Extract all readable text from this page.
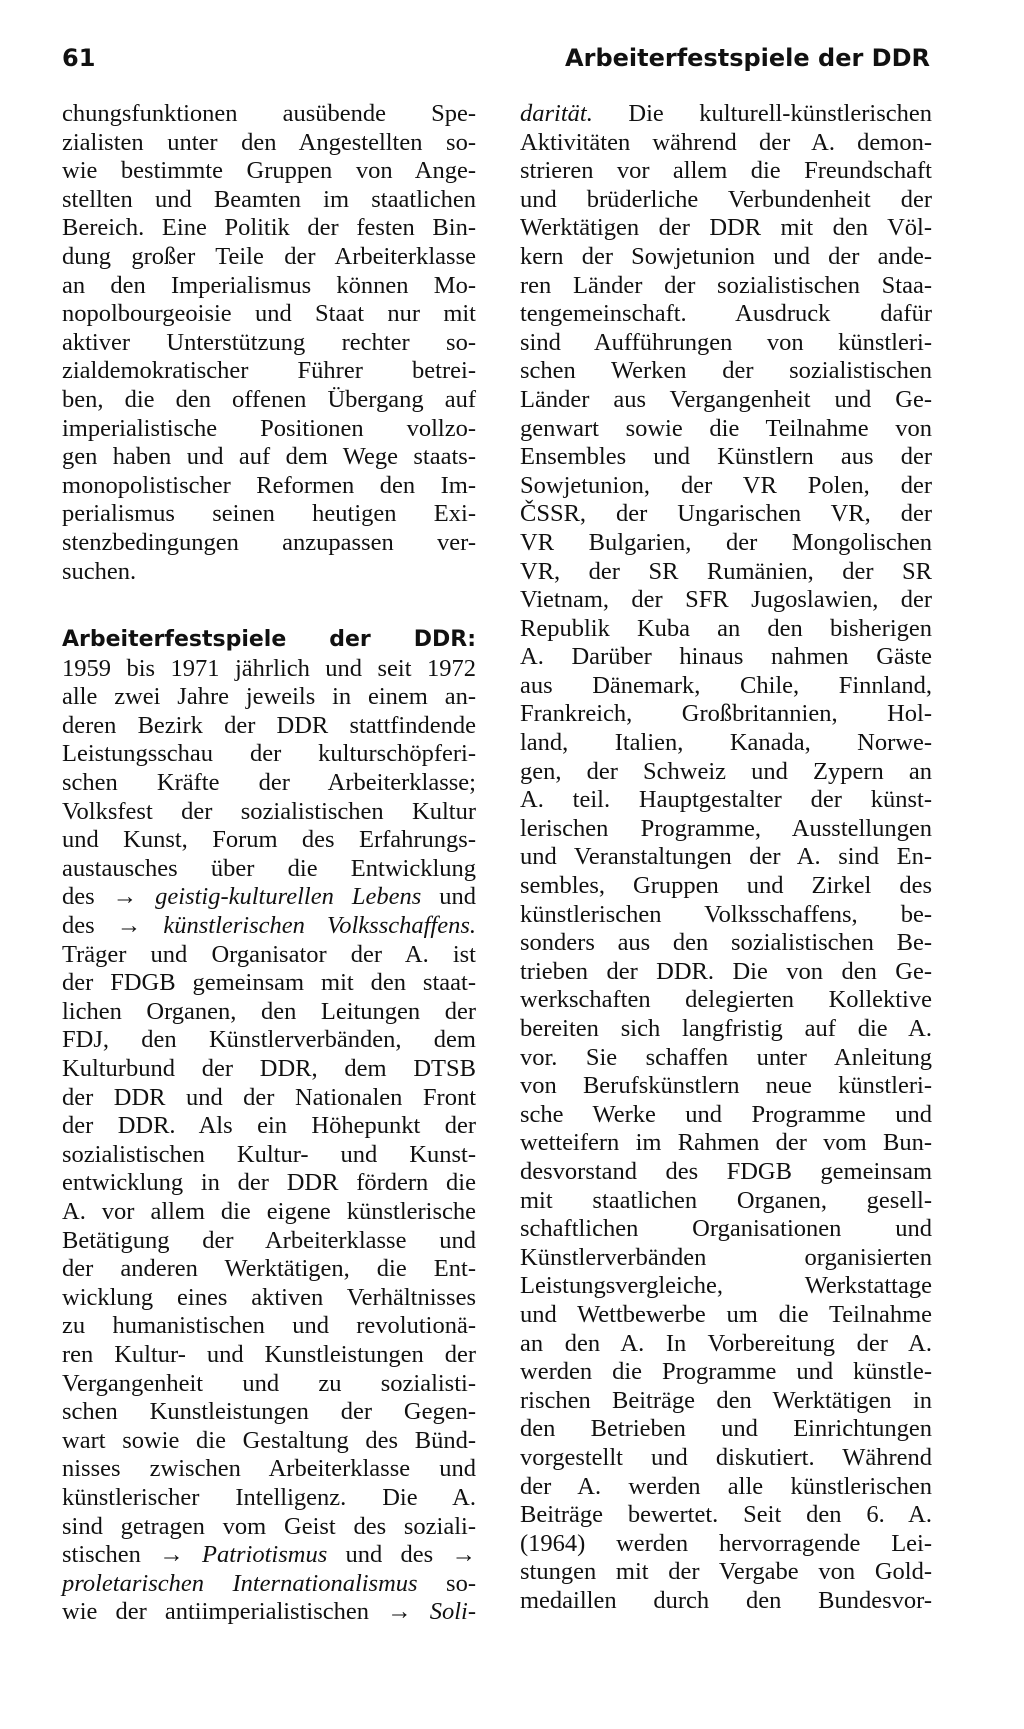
61	Arbeiterfestspiele der DDR
chungsfunktionen ausübende Spe-
zialisten unter den Angestellten so-
wie bestimmte Gruppen von Ange-
stellten und Beamten im staatlichen
Bereich. Eine Politik der festen Bin-
dung großer Teile der Arbeiterklasse
an den Imperialismus können Mo-
nopolbourgeoisie und Staat nur mit
aktiver Unterstützung rechter so-
zialdemokratischer Führer betrei-
ben, die den offenen Übergang auf
imperialistische Positionen vollzo-
gen haben und auf dem Wege staats-
monopolistischer Reformen den Im-
perialismus seinen heutigen Exi-
stenzbedingungen anzupassen ver-
suchen.
Arbeiterfestspiele der DDR:
1959 bis 1971 jährlich und seit 1972
alle zwei Jahre jeweils in einem an-
deren Bezirk der DDR stattfindende
Leistungsschau der kulturschöpferi-
schen Kräfte der Arbeiterklasse;
Volksfest der sozialistischen Kultur
und Kunst, Forum des Erfahrungs-
austausches über die Entwicklung
des → geistig-kulturellen Lebens und
des → künstlerischen Volksschaffens.
Träger und Organisator der A. ist
der FDGB gemeinsam mit den staat-
lichen Organen, den Leitungen der
FDJ, den Künstlerverbänden, dem
Kulturbund der DDR, dem DTSB
der DDR und der Nationalen Front
der DDR. Als ein Höhepunkt der
sozialistischen Kultur- und Kunst-
entwicklung in der DDR fördern die
A. vor allem die eigene künstlerische
Betätigung der Arbeiterklasse und
der anderen Werktätigen, die Ent-
wicklung eines aktiven Verhältnisses
zu humanistischen und revolutionä-
ren Kultur- und Kunstleistungen der
Vergangenheit und zu sozialisti-
schen Kunstleistungen der Gegen-
wart sowie die Gestaltung des Bünd-
nisses zwischen Arbeiterklasse und
künstlerischer Intelligenz. Die A.
sind getragen vom Geist des soziali-
stischen → Patriotismus und des →
proletarischen Internationalismus so-
wie der antiimperialistischen → Soli-
darität. Die kulturell-künstlerischen
Aktivitäten während der A. demon-
strieren vor allem die Freundschaft
und brüderliche Verbundenheit der
Werktätigen der DDR mit den Völ-
kern der Sowjetunion und der ande-
ren Länder der sozialistischen Staa-
tengemeinschaft. Ausdruck dafür
sind Aufführungen von künstleri-
schen Werken der sozialistischen
Länder aus Vergangenheit und Ge-
genwart sowie die Teilnahme von
Ensembles und Künstlern aus der
Sowjetunion, der VR Polen, der
ČSSR, der Ungarischen VR, der
VR Bulgarien, der Mongolischen
VR, der SR Rumänien, der SR
Vietnam, der SFR Jugoslawien, der
Republik Kuba an den bisherigen
A. Darüber hinaus nahmen Gäste
aus Dänemark, Chile, Finnland,
Frankreich, Großbritannien, Hol-
land, Italien, Kanada, Norwe-
gen, der Schweiz und Zypern an
A. teil. Hauptgestalter der künst-
lerischen Programme, Ausstellungen
und Veranstaltungen der A. sind En-
sembles, Gruppen und Zirkel des
künstlerischen Volksschaffens, be-
sonders aus den sozialistischen Be-
trieben der DDR. Die von den Ge-
werkschaften delegierten Kollektive
bereiten sich langfristig auf die A.
vor. Sie schaffen unter Anleitung
von Berufskünstlern neue künstleri-
sche Werke und Programme und
wetteifern im Rahmen der vom Bun-
desvorstand des FDGB gemeinsam
mit staatlichen Organen, gesell-
schaftlichen Organisationen und
Künstlerverbänden organisierten
Leistungsvergleiche, Werkstattage
und Wettbewerbe um die Teilnahme
an den A. In Vorbereitung der A.
werden die Programme und künstle-
rischen Beiträge den Werktätigen in
den Betrieben und Einrichtungen
vorgestellt und diskutiert. Während
der A. werden alle künstlerischen
Beiträge bewertet. Seit den 6. A.
(1964) werden hervorragende Lei-
stungen mit der Vergabe von Gold-
medaillen durch den Bundesvor-
